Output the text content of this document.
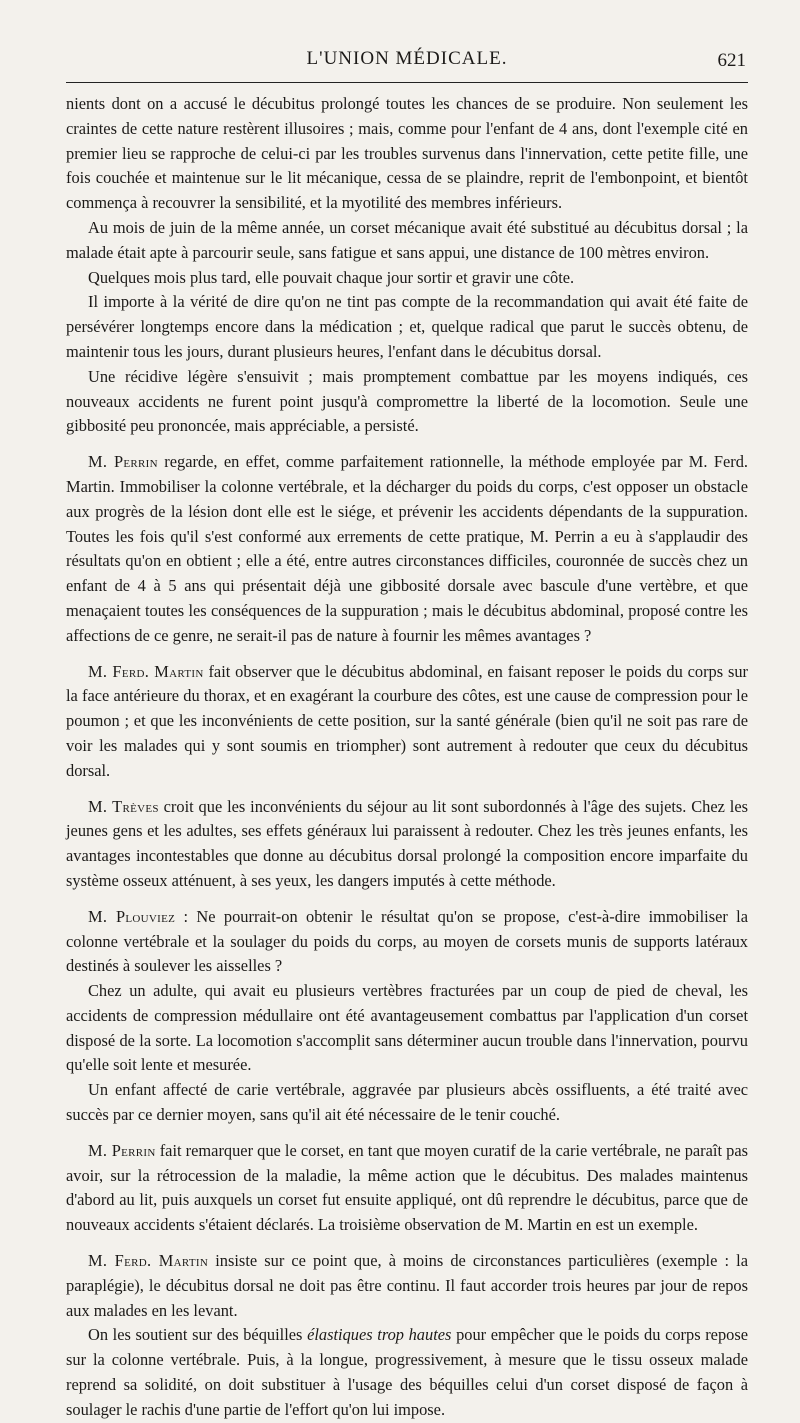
L'UNION MÉDICALE.	621

nients dont on a accusé le décubitus prolongé toutes les chances de se produire. Non seulement les craintes de cette nature restèrent illusoires ; mais, comme pour l'enfant de 4 ans, dont l'exemple cité en premier lieu se rapproche de celui-ci par les troubles survenus dans l'innervation, cette petite fille, une fois couchée et maintenue sur le lit mécanique, cessa de se plaindre, reprit de l'embonpoint, et bientôt commença à recouvrer la sensibilité, et la myotilité des membres inférieurs.

Au mois de juin de la même année, un corset mécanique avait été substitué au décubitus dorsal ; la malade était apte à parcourir seule, sans fatigue et sans appui, une distance de 100 mètres environ.

Quelques mois plus tard, elle pouvait chaque jour sortir et gravir une côte.

Il importe à la vérité de dire qu'on ne tint pas compte de la recommandation qui avait été faite de persévérer longtemps encore dans la médication ; et, quelque radical que parut le succès obtenu, de maintenir tous les jours, durant plusieurs heures, l'enfant dans le décubitus dorsal.

Une récidive légère s'ensuivit ; mais promptement combattue par les moyens indiqués, ces nouveaux accidents ne furent point jusqu'à compromettre la liberté de la locomotion. Seule une gibbosité peu prononcée, mais appréciable, a persisté.

M. Perrin regarde, en effet, comme parfaitement rationnelle, la méthode employée par M. Ferd. Martin. Immobiliser la colonne vertébrale, et la décharger du poids du corps, c'est opposer un obstacle aux progrès de la lésion dont elle est le siége, et prévenir les accidents dépendants de la suppuration. Toutes les fois qu'il s'est conformé aux errements de cette pratique, M. Perrin a eu à s'applaudir des résultats qu'on en obtient ; elle a été, entre autres circonstances difficiles, couronnée de succès chez un enfant de 4 à 5 ans qui présentait déjà une gibbosité dorsale avec bascule d'une vertèbre, et que menaçaient toutes les conséquences de la suppuration ; mais le décubitus abdominal, proposé contre les affections de ce genre, ne serait-il pas de nature à fournir les mêmes avantages ?

M. Ferd. Martin fait observer que le décubitus abdominal, en faisant reposer le poids du corps sur la face antérieure du thorax, et en exagérant la courbure des côtes, est une cause de compression pour le poumon ; et que les inconvénients de cette position, sur la santé générale (bien qu'il ne soit pas rare de voir les malades qui y sont soumis en triompher) sont autrement à redouter que ceux du décubitus dorsal.

M. Trèves croit que les inconvénients du séjour au lit sont subordonnés à l'âge des sujets. Chez les jeunes gens et les adultes, ses effets généraux lui paraissent à redouter. Chez les très jeunes enfants, les avantages incontestables que donne au décubitus dorsal prolongé la composition encore imparfaite du système osseux atténuent, à ses yeux, les dangers imputés à cette méthode.

M. Plouviez : Ne pourrait-on obtenir le résultat qu'on se propose, c'est-à-dire immobiliser la colonne vertébrale et la soulager du poids du corps, au moyen de corsets munis de supports latéraux destinés à soulever les aisselles ?

Chez un adulte, qui avait eu plusieurs vertèbres fracturées par un coup de pied de cheval, les accidents de compression médullaire ont été avantageusement combattus par l'application d'un corset disposé de la sorte. La locomotion s'accomplit sans déterminer aucun trouble dans l'innervation, pourvu qu'elle soit lente et mesurée.

Un enfant affecté de carie vertébrale, aggravée par plusieurs abcès ossifluents, a été traité avec succès par ce dernier moyen, sans qu'il ait été nécessaire de le tenir couché.

M. Perrin fait remarquer que le corset, en tant que moyen curatif de la carie vertébrale, ne paraît pas avoir, sur la rétrocession de la maladie, la même action que le décubitus. Des malades maintenus d'abord au lit, puis auxquels un corset fut ensuite appliqué, ont dû reprendre le décubitus, parce que de nouveaux accidents s'étaient déclarés. La troisième observation de M. Martin en est un exemple.

M. Ferd. Martin insiste sur ce point que, à moins de circonstances particulières (exemple : la paraplégie), le décubitus dorsal ne doit pas être continu. Il faut accorder trois heures par jour de repos aux malades en les levant.

On les soutient sur des béquilles élastiques trop hautes pour empêcher que le poids du corps repose sur la colonne vertébrale. Puis, à la longue, progressivement, à mesure que le tissu osseux malade reprend sa solidité, on doit substituer à l'usage des béquilles celui d'un corset disposé de façon à soulager le rachis d'une partie de l'effort qu'on lui impose.
